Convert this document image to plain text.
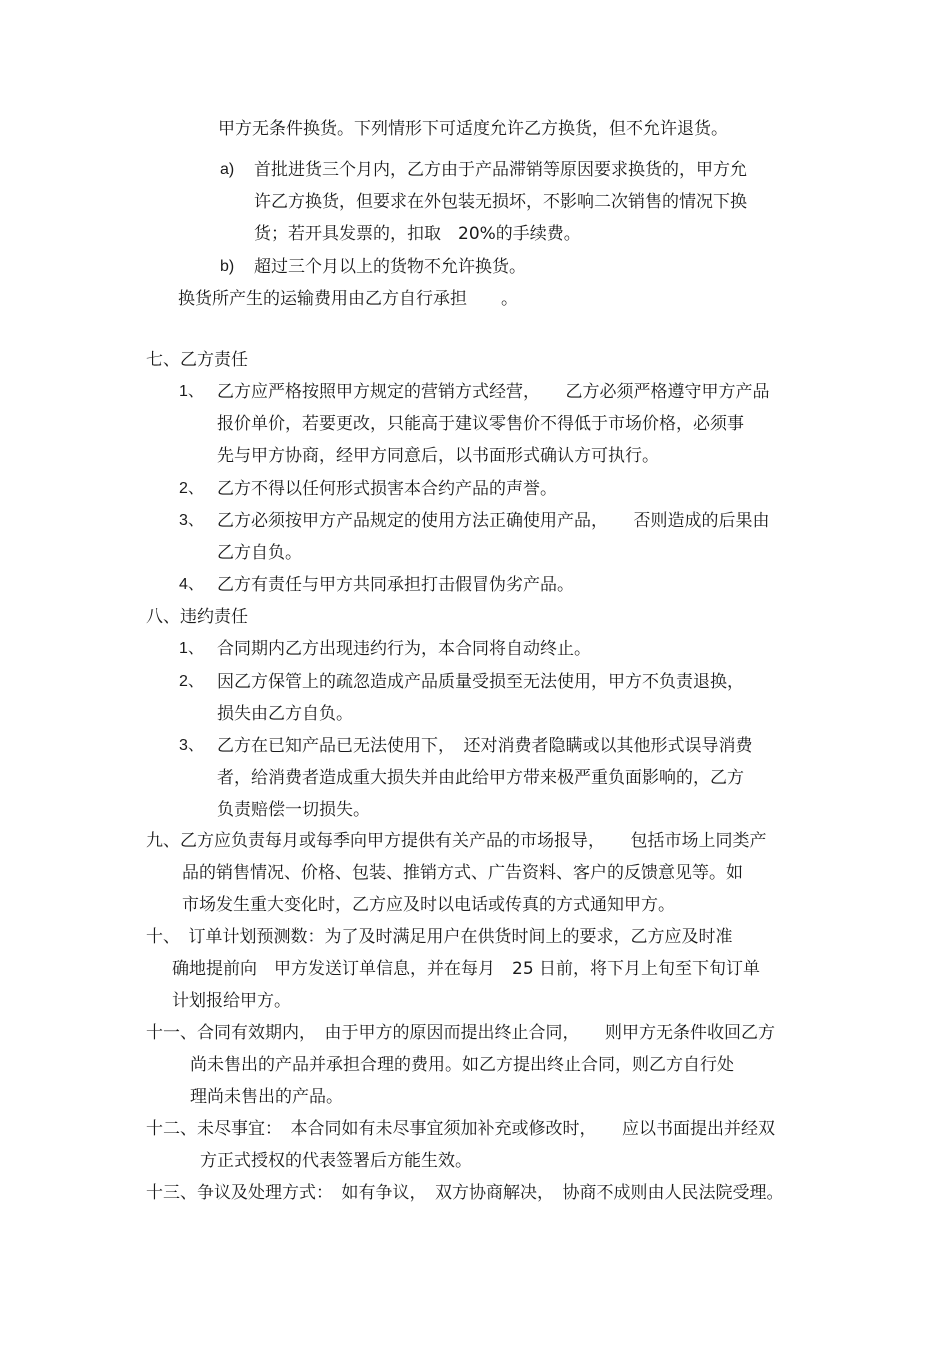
甲方无条件换货。下列情形下可适度允许乙方换货，但不允许退货。
a) 首批进货三个月内，乙方由于产品滞销等原因要求换货的，甲方允
许乙方换货，但要求在外包装无损坏，不影响二次销售的情况下换
货；若开具发票的，扣取　20%的手续费。
b) 超过三个月以上的货物不允许换货。
换货所产生的运输费用由乙方自行承担　　。
七、乙方责任
1、 乙方应严格按照甲方规定的营销方式经营，　　乙方必须严格遵守甲方产品
报价单价，若要更改，只能高于建议零售价不得低于市场价格，必须事
先与甲方协商，经甲方同意后，以书面形式确认方可执行。
2、 乙方不得以任何形式损害本合约产品的声誉。
3、 乙方必须按甲方产品规定的使用方法正确使用产品，　　否则造成的后果由
乙方自负。
4、 乙方有责任与甲方共同承担打击假冒伪劣产品。
八、违约责任
1、 合同期内乙方出现违约行为，本合同将自动终止。
2、 因乙方保管上的疏忽造成产品质量受损至无法使用，甲方不负责退换，
损失由乙方自负。
3、 乙方在已知产品已无法使用下，　还对消费者隐瞒或以其他形式误导消费
者，给消费者造成重大损失并由此给甲方带来极严重负面影响的，乙方
负责赔偿一切损失。
九、乙方应负责每月或每季向甲方提供有关产品的市场报导，　　包括市场上同类产
品的销售情况、价格、包装、推销方式、广告资料、客户的反馈意见等。如
市场发生重大变化时，乙方应及时以电话或传真的方式通知甲方。
十、　订单计划预测数：为了及时满足用户在供货时间上的要求，乙方应及时准
确地提前向　甲方发送订单信息，并在每月　25 日前，将下月上旬至下旬订单
计划报给甲方。
十一、合同有效期内，　由于甲方的原因而提出终止合同，　　则甲方无条件收回乙方
尚未售出的产品并承担合理的费用。如乙方提出终止合同，则乙方自行处
理尚未售出的产品。
十二、未尽事宜：　本合同如有未尽事宜须加补充或修改时，　　应以书面提出并经双
方正式授权的代表签署后方能生效。
十三、争议及处理方式：　如有争议，　双方协商解决，　协商不成则由人民法院受理。
